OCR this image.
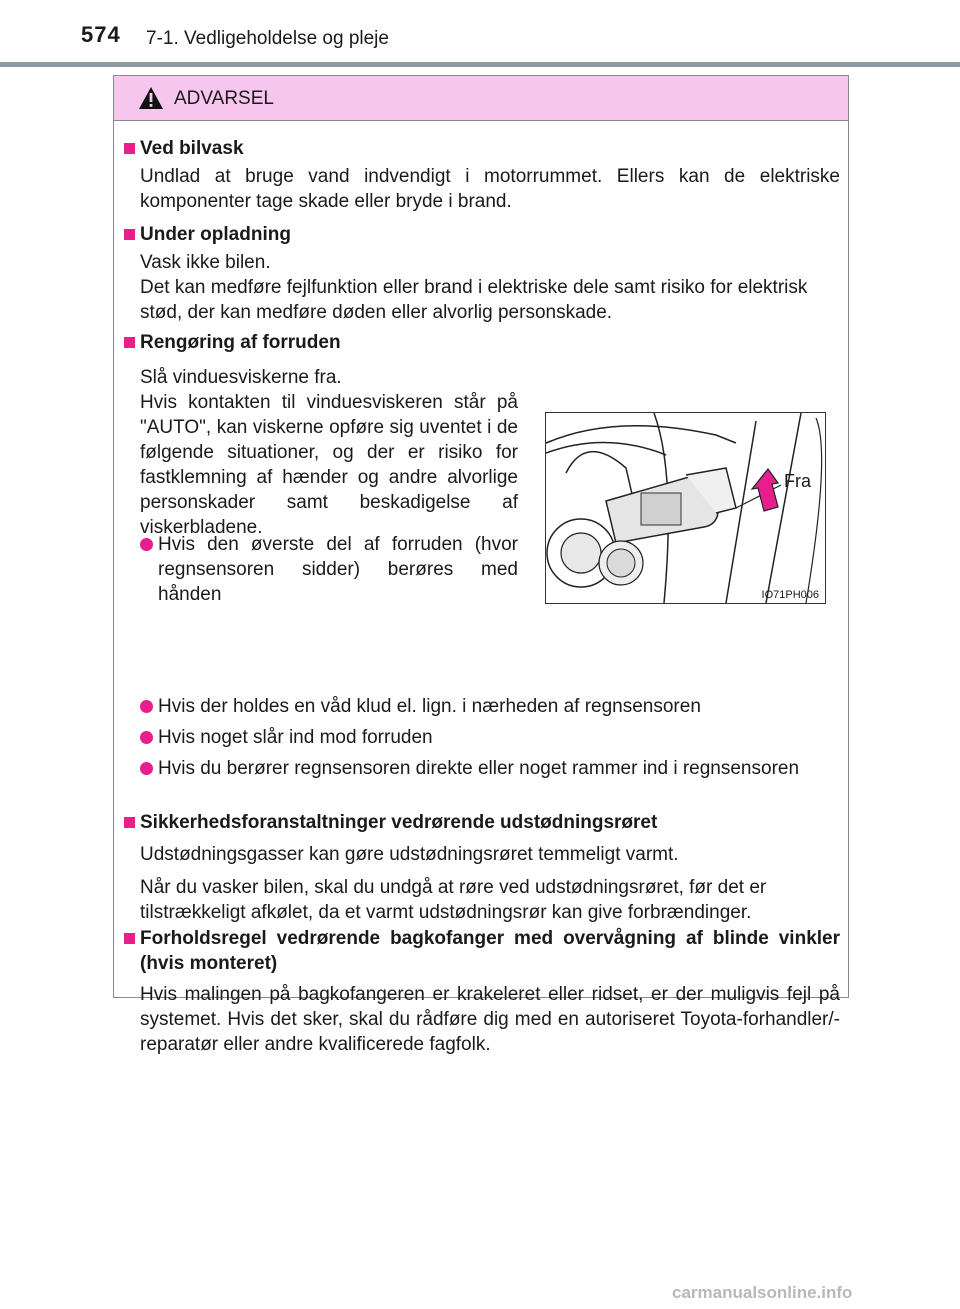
574 7-1. Vedligeholdelse og pleje
ADVARSEL
Ved bilvask
Undlad at bruge vand indvendigt i motorrummet. Ellers kan de elektriske komponenter tage skade eller bryde i brand.
Under opladning
Vask ikke bilen.
Det kan medføre fejlfunktion eller brand i elektriske dele samt risiko for elektrisk stød, der kan medføre døden eller alvorlig personskade.
Rengøring af forruden
Slå vinduesviskerne fra.
Hvis kontakten til vinduesviskeren står på "AUTO", kan viskerne opføre sig uventet i de følgende situationer, og der er risiko for fastklemning af hænder og andre alvorlige personskader samt beskadigelse af viskerbladene.
Hvis den øverste del af forruden (hvor regnsensoren sidder) berøres med hånden
Fra
IO71PH006
Hvis der holdes en våd klud el. lign. i nærheden af regnsensoren
Hvis noget slår ind mod forruden
Hvis du berører regnsensoren direkte eller noget rammer ind i regnsensoren
Sikkerhedsforanstaltninger vedrørende udstødningsrøret
Udstødningsgasser kan gøre udstødningsrøret temmeligt varmt.
Når du vasker bilen, skal du undgå at røre ved udstødningsrøret, før det er tilstrækkeligt afkølet, da et varmt udstødningsrør kan give forbrændinger.
Forholdsregel vedrørende bagkofanger med overvågning af blinde vinkler (hvis monteret)
Hvis malingen på bagkofangeren er krakeleret eller ridset, er der muligvis fejl på systemet. Hvis det sker, skal du rådføre dig med en autoriseret Toyota-forhandler/-reparatør eller andre kvalificerede fagfolk.
carmanualsonline.info
